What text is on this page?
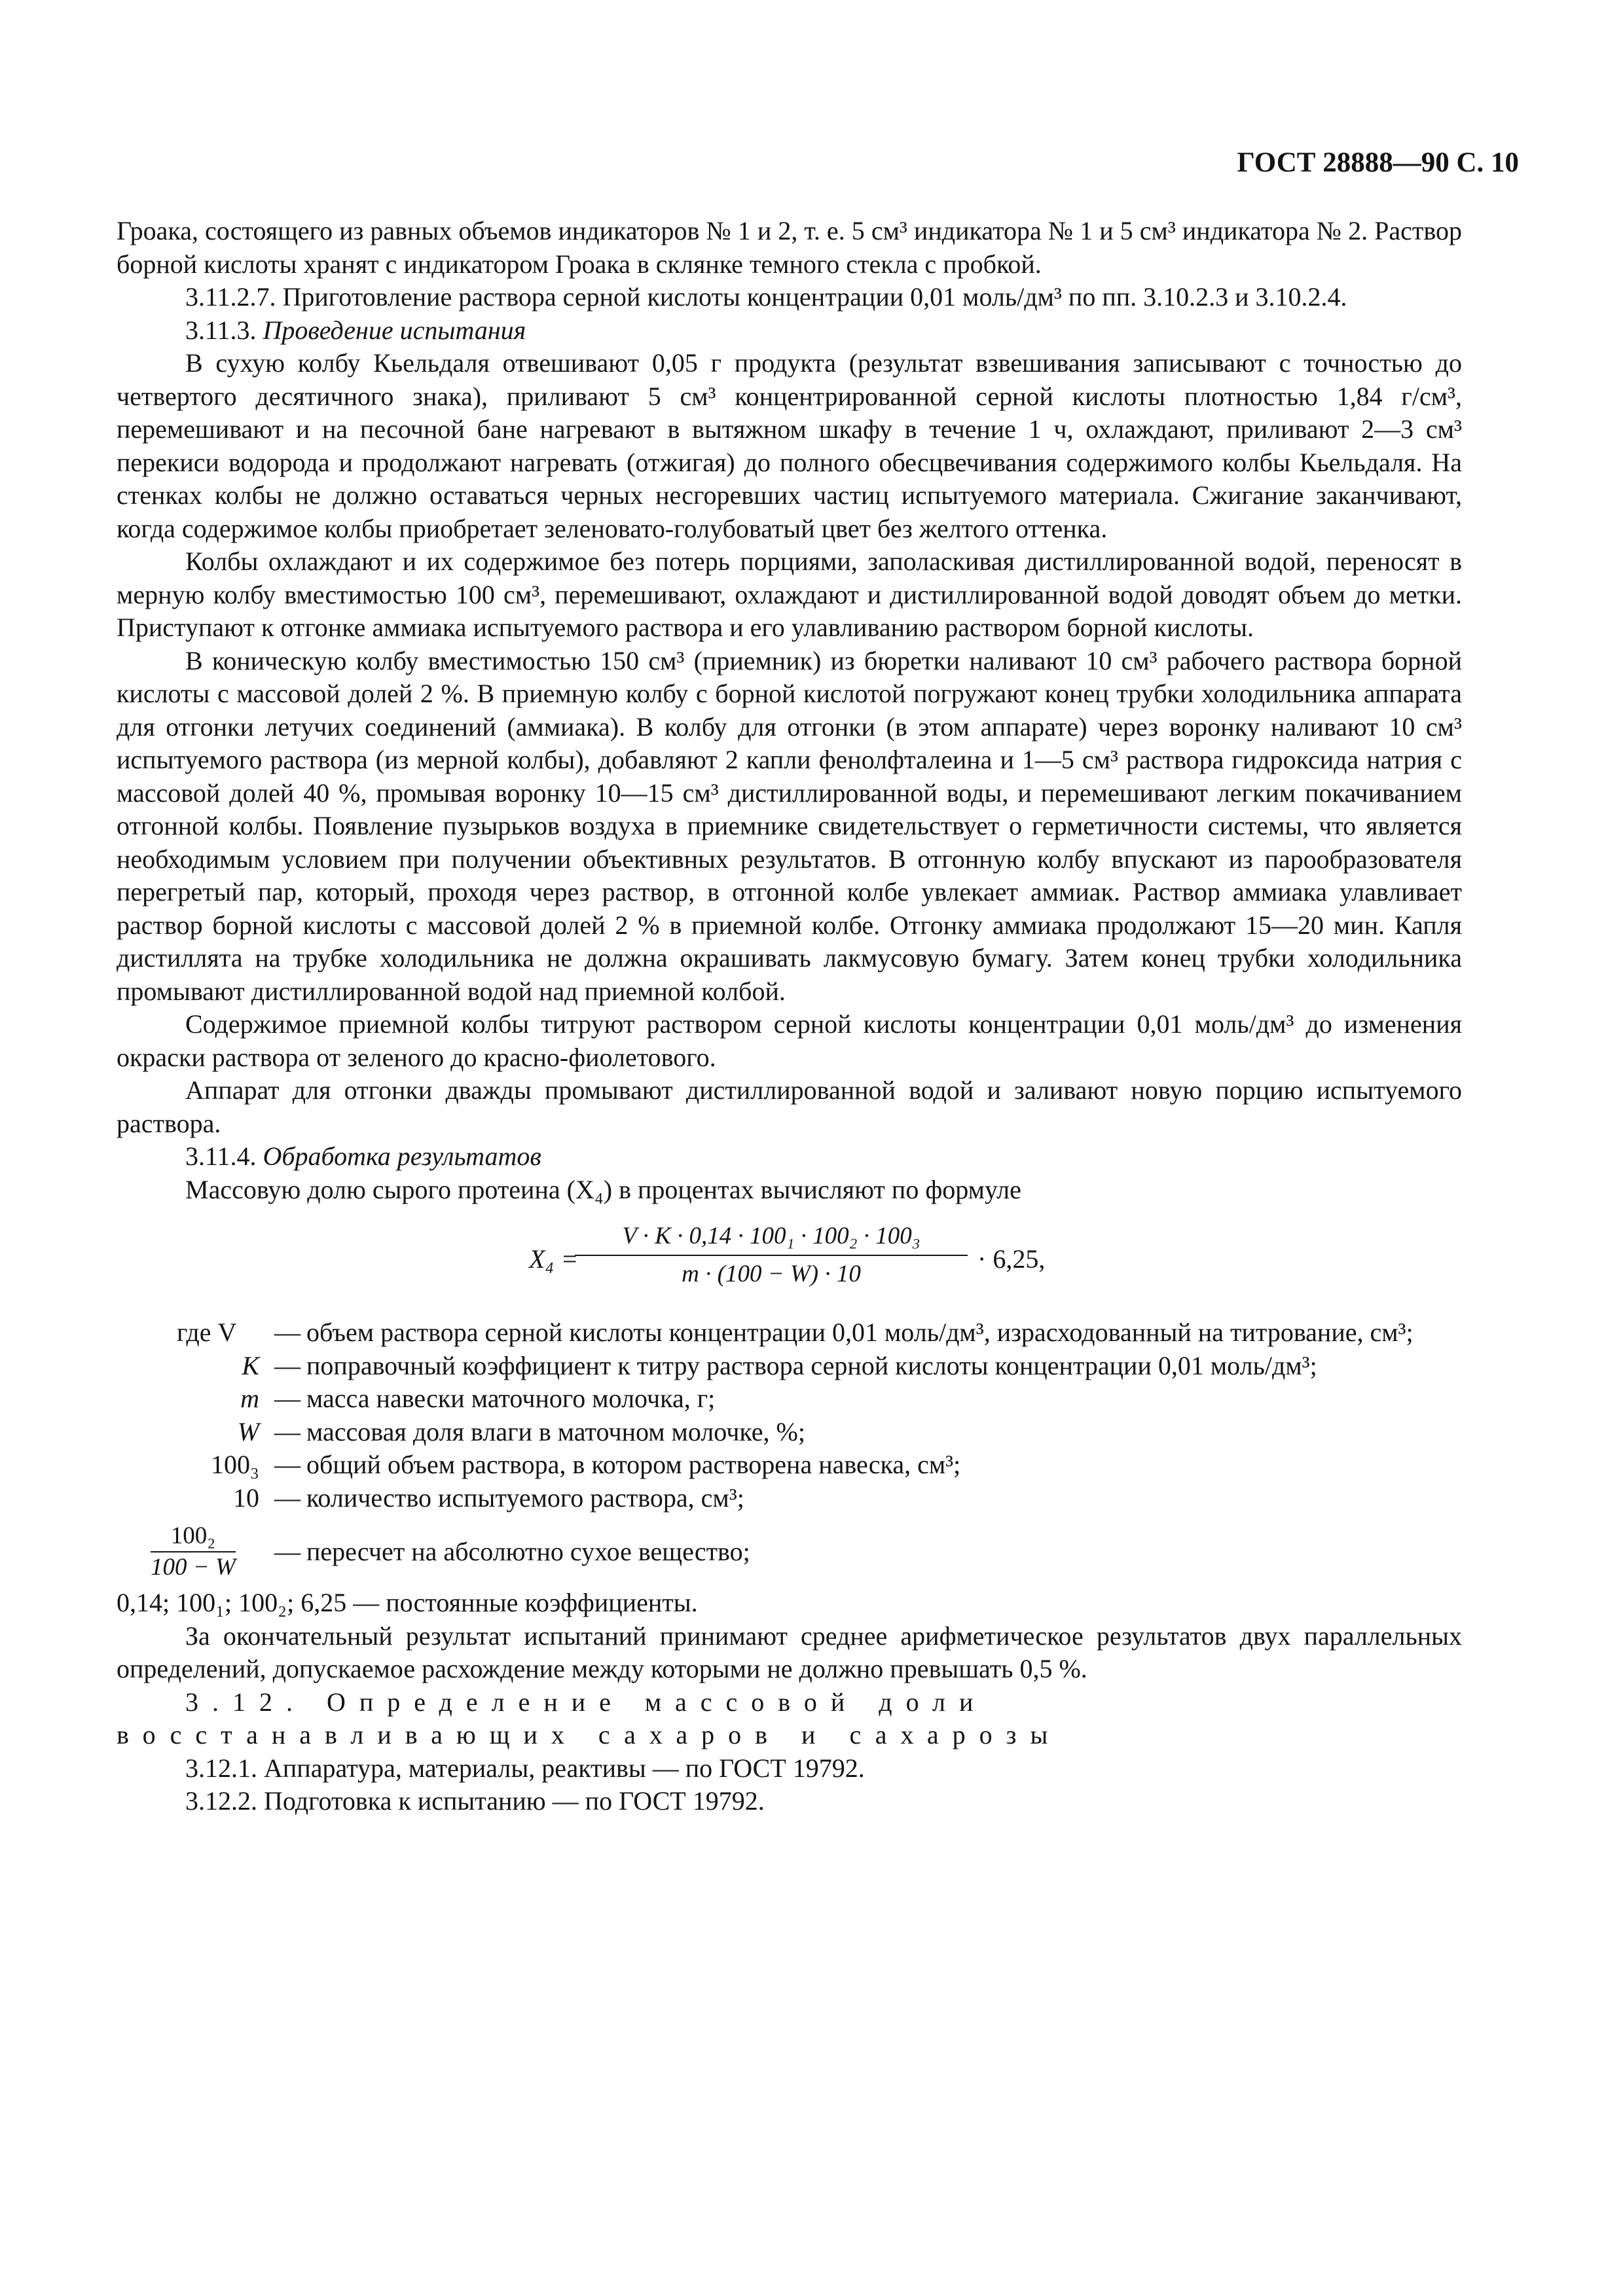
ГОСТ 28888—90 С. 10

Гроака, состоящего из равных объемов индикаторов № 1 и 2, т. е. 5 см³ индикатора № 1 и 5 см³ индикатора № 2. Раствор борной кислоты хранят с индикатором Гроака в склянке темного стекла с пробкой.

3.11.2.7. Приготовление раствора серной кислоты концентрации 0,01 моль/дм³ по пп. 3.10.2.3 и 3.10.2.4.

3.11.3. Проведение испытания

В сухую колбу Кьельдаля отвешивают 0,05 г продукта (результат взвешивания записывают с точностью до четвертого десятичного знака), приливают 5 см³ концентрированной серной кислоты плотностью 1,84 г/см³, перемешивают и на песочной бане нагревают в вытяжном шкафу в течение 1 ч, охлаждают, приливают 2—3 см³ перекиси водорода и продолжают нагревать (отжигая) до полного обесцвечивания содержимого колбы Кьельдаля. На стенках колбы не должно оставаться черных несгоревших частиц испытуемого материала. Сжигание заканчивают, когда содержимое колбы приобретает зеленовато-голубоватый цвет без желтого оттенка.

Колбы охлаждают и их содержимое без потерь порциями, заполаскивая дистиллированной водой, переносят в мерную колбу вместимостью 100 см³, перемешивают, охлаждают и дистиллированной водой доводят объем до метки. Приступают к отгонке аммиака испытуемого раствора и его улавливанию раствором борной кислоты.

В коническую колбу вместимостью 150 см³ (приемник) из бюретки наливают 10 см³ рабочего раствора борной кислоты с массовой долей 2 %. В приемную колбу с борной кислотой погружают конец трубки холодильника аппарата для отгонки летучих соединений (аммиака). В колбу для отгонки (в этом аппарате) через воронку наливают 10 см³ испытуемого раствора (из мерной колбы), добавляют 2 капли фенолфталеина и 1—5 см³ раствора гидроксида натрия с массовой долей 40 %, промывая воронку 10—15 см³ дистиллированной воды, и перемешивают легким покачиванием отгонной колбы. Появление пузырьков воздуха в приемнике свидетельствует о герметичности системы, что является необходимым условием при получении объективных результатов. В отгонную колбу впускают из парообразователя перегретый пар, который, проходя через раствор, в отгонной колбе увлекает аммиак. Раствор аммиака улавливает раствор борной кислоты с массовой долей 2 % в приемной колбе. Отгонку аммиака продолжают 15—20 мин. Капля дистиллята на трубке холодильника не должна окрашивать лакмусовую бумагу. Затем конец трубки холодильника промывают дистиллированной водой над приемной колбой.

Содержимое приемной колбы титруют раствором серной кислоты концентрации 0,01 моль/дм³ до изменения окраски раствора от зеленого до красно-фиолетового.

Аппарат для отгонки дважды промывают дистиллированной водой и заливают новую порцию испытуемого раствора.

3.11.4. Обработка результатов

Массовую долю сырого протеина (X₄) в процентах вычисляют по формуле

X₄ =
$\frac{\text{V · K · 0,14 · 100₁ · 100₂ · 100₃}}{m \cdot (100 - W) \cdot 10} \cdot 6,25$,
где V	— объем раствора серной кислоты концентрации 0,01 моль/дм³, израсходованный на титрование, см³;
K — поправочный коэффициент к титру раствора серной кислоты концентрации 0,01 моль/дм³;
m — масса навески маточного молочка, г;
W — массовая доля влаги в маточном молочке, %;
100₃ — общий объем раствора, в котором растворена навеска, см³;
10 — количество испытуемого раствора, см³;
$\frac{\text{100₂}}{100 - W}$ — пересчет на абсолютно сухое вещество;

0,14; 100₁; 100₂; 6,25 — постоянные коэффициенты.

За окончательный результат испытаний принимают среднее арифметическое результатов двух параллельных определений, допускаемое расхождение между которыми не должно превышать 0,5 %.

3.12. Определение массовой доли восстанавливающих сахаров и сахарозы

3.12.1. Аппаратура, материалы, реактивы — по ГОСТ 19792.

3.12.2. Подготовка к испытанию — по ГОСТ 19792.
